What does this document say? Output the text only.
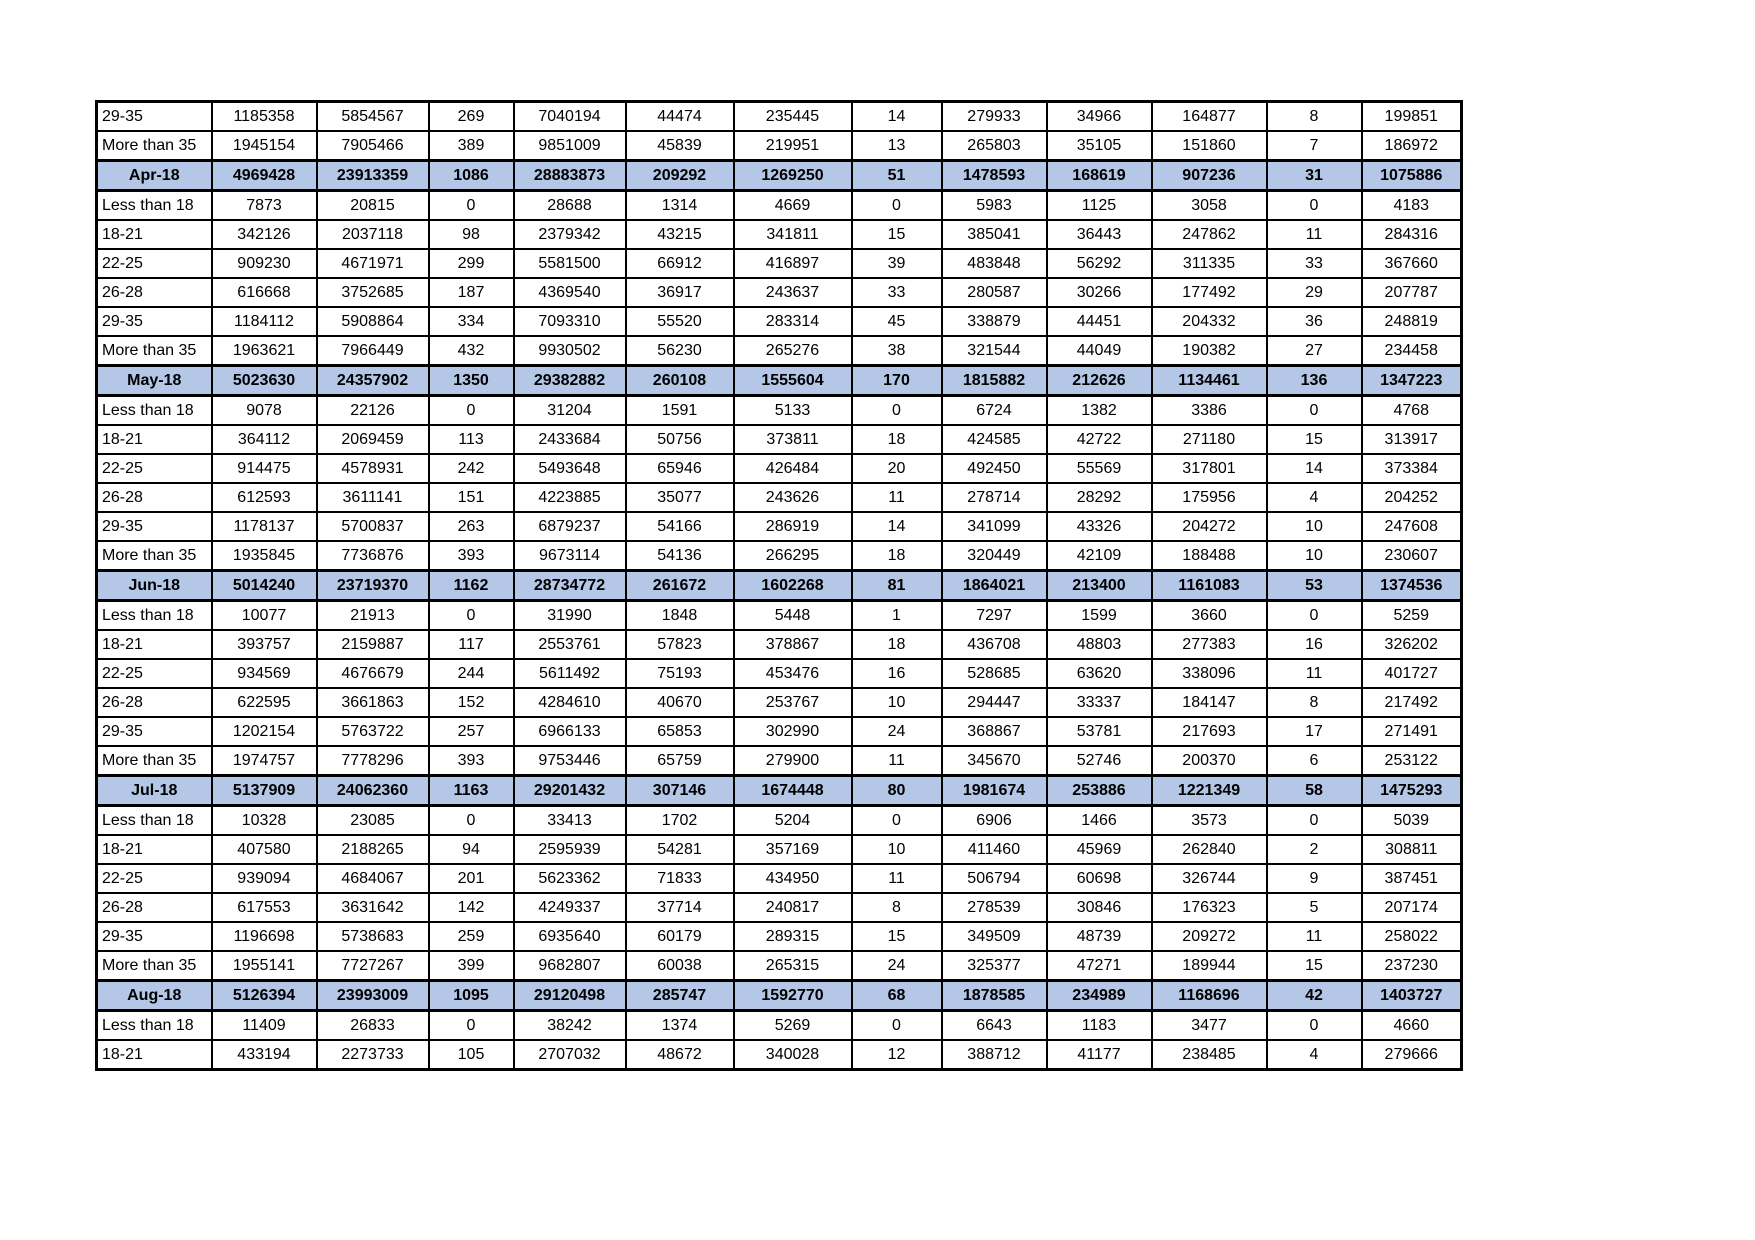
29-35	1185358	5854567	269	7040194	44474	235445	14	279933	34966	164877	8	199851
More than 35	1945154	7905466	389	9851009	45839	219951	13	265803	35105	151860	7	186972
Apr-18	4969428	23913359	1086	28883873	209292	1269250	51	1478593	168619	907236	31	1075886
Less than 18	7873	20815	0	28688	1314	4669	0	5983	1125	3058	0	4183
18-21	342126	2037118	98	2379342	43215	341811	15	385041	36443	247862	11	284316
22-25	909230	4671971	299	5581500	66912	416897	39	483848	56292	311335	33	367660
26-28	616668	3752685	187	4369540	36917	243637	33	280587	30266	177492	29	207787
29-35	1184112	5908864	334	7093310	55520	283314	45	338879	44451	204332	36	248819
More than 35	1963621	7966449	432	9930502	56230	265276	38	321544	44049	190382	27	234458
May-18	5023630	24357902	1350	29382882	260108	1555604	170	1815882	212626	1134461	136	1347223
Less than 18	9078	22126	0	31204	1591	5133	0	6724	1382	3386	0	4768
18-21	364112	2069459	113	2433684	50756	373811	18	424585	42722	271180	15	313917
22-25	914475	4578931	242	5493648	65946	426484	20	492450	55569	317801	14	373384
26-28	612593	3611141	151	4223885	35077	243626	11	278714	28292	175956	4	204252
29-35	1178137	5700837	263	6879237	54166	286919	14	341099	43326	204272	10	247608
More than 35	1935845	7736876	393	9673114	54136	266295	18	320449	42109	188488	10	230607
Jun-18	5014240	23719370	1162	28734772	261672	1602268	81	1864021	213400	1161083	53	1374536
Less than 18	10077	21913	0	31990	1848	5448	1	7297	1599	3660	0	5259
18-21	393757	2159887	117	2553761	57823	378867	18	436708	48803	277383	16	326202
22-25	934569	4676679	244	5611492	75193	453476	16	528685	63620	338096	11	401727
26-28	622595	3661863	152	4284610	40670	253767	10	294447	33337	184147	8	217492
29-35	1202154	5763722	257	6966133	65853	302990	24	368867	53781	217693	17	271491
More than 35	1974757	7778296	393	9753446	65759	279900	11	345670	52746	200370	6	253122
Jul-18	5137909	24062360	1163	29201432	307146	1674448	80	1981674	253886	1221349	58	1475293
Less than 18	10328	23085	0	33413	1702	5204	0	6906	1466	3573	0	5039
18-21	407580	2188265	94	2595939	54281	357169	10	411460	45969	262840	2	308811
22-25	939094	4684067	201	5623362	71833	434950	11	506794	60698	326744	9	387451
26-28	617553	3631642	142	4249337	37714	240817	8	278539	30846	176323	5	207174
29-35	1196698	5738683	259	6935640	60179	289315	15	349509	48739	209272	11	258022
More than 35	1955141	7727267	399	9682807	60038	265315	24	325377	47271	189944	15	237230
Aug-18	5126394	23993009	1095	29120498	285747	1592770	68	1878585	234989	1168696	42	1403727
Less than 18	11409	26833	0	38242	1374	5269	0	6643	1183	3477	0	4660
18-21	433194	2273733	105	2707032	48672	340028	12	388712	41177	238485	4	279666
